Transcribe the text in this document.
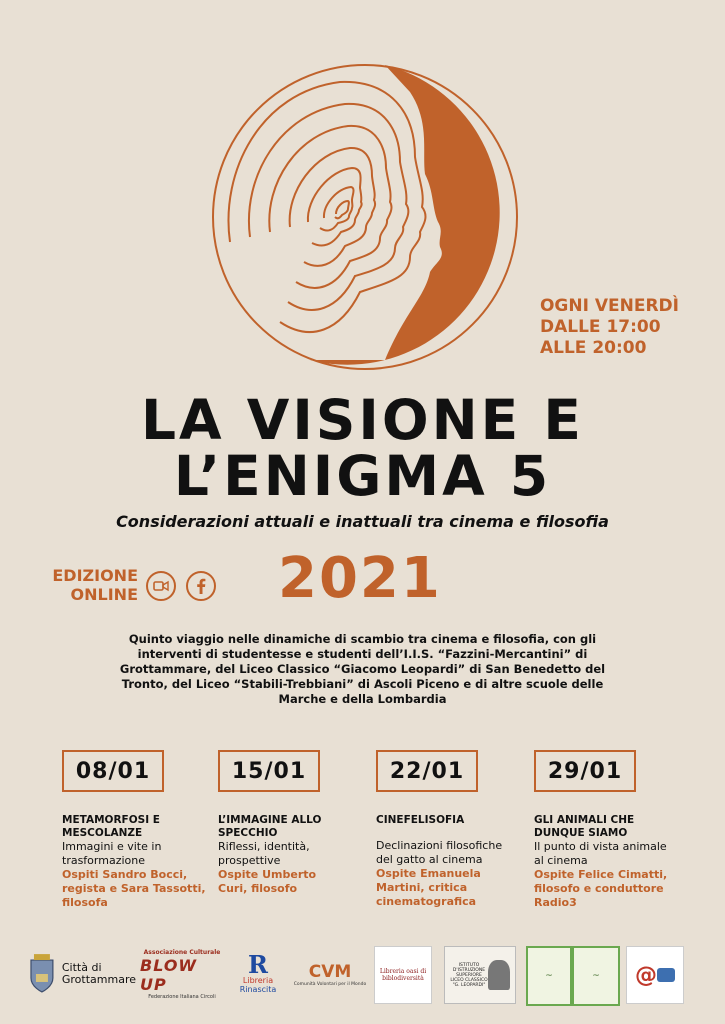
OGNI VENERDÌ
DALLE 17:00
ALLE 20:00
LA VISIONE E
L’ENIGMA 5
Considerazioni attuali e inattuali tra cinema e filosofia
EDIZIONE
ONLINE	2021
Quinto viaggio nelle dinamiche di scambio tra cinema e filosofia, con gli interventi di studentesse e studenti dell’I.I.S. “Fazzini-Mercantini” di Grottammare, del Liceo Classico “Giacomo Leopardi” di San Benedetto del Tronto, del Liceo “Stabili-Trebbiani” di Ascoli Piceno e di altre scuole delle Marche e della Lombardia
08/01
METAMORFOSI E MESCOLANZE
Immagini e vite in trasformazione
Ospiti Sandro Bocci, regista e Sara Tassotti, filosofa
15/01
L’IMMAGINE ALLO SPECCHIO
Riflessi, identità, prospettive
Ospite Umberto Curi, filosofo
22/01
CINEFELISOFIA
Declinazioni filosofiche del gatto al cinema
Ospite Emanuela Martini, critica cinematografica
29/01
GLI ANIMALI CHE DUNQUE SIAMO
Il punto di vista animale al cinema
Ospite Felice Cimatti, filosofo e conduttore Radio3
Città di
Grottammare
Associazione Culturale
BLOW UP
Federazione Italiana Circoli
R
Libreria
Rinascita
CVM
Comunità Volontari per il Mondo
Libreria oasi di biblodiversità
ISTITUTO D'ISTRUZIONE SUPERIORE LICEO CLASSICO "G. LEOPARDI"
~	~ @
